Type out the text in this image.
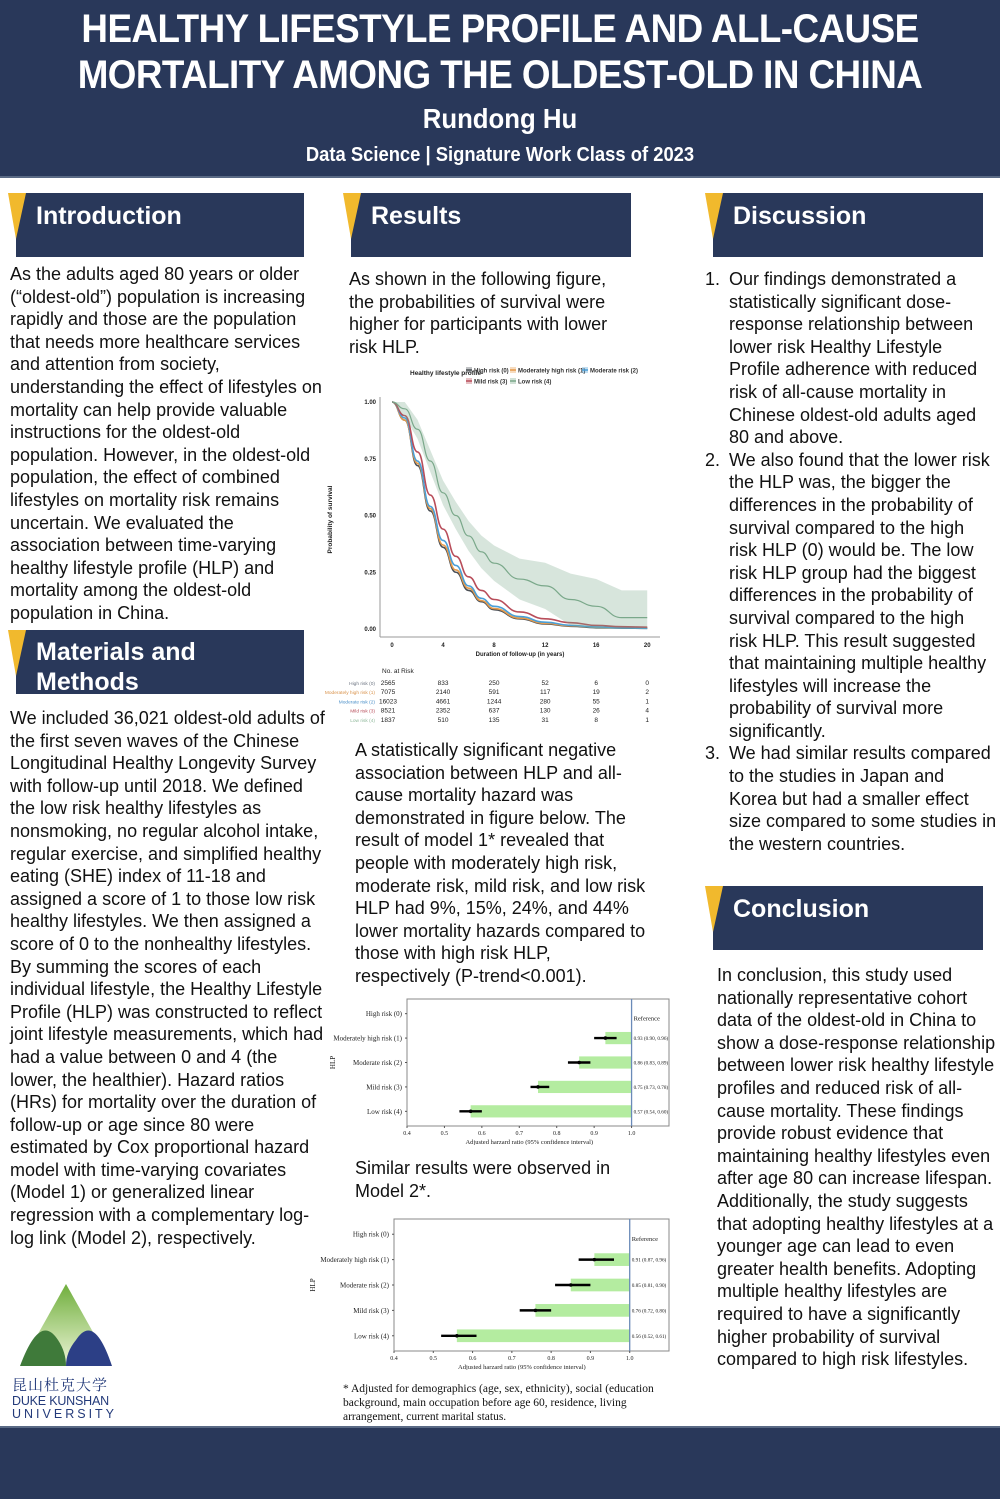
HEALTHY LIFESTYLE PROFILE AND ALL-CAUSE
MORTALITY AMONG THE OLDEST-OLD IN CHINA
Rundong Hu
Data Science | Signature Work Class of 2023
Introduction
As the adults aged 80 years or older (“oldest-old”) population is increasing rapidly and those are the population that needs more healthcare services and attention from society, understanding the effect of lifestyles on mortality can help provide valuable instructions for the oldest-old population. However, in the oldest-old population, the effect of combined lifestyles on mortality risk remains uncertain. We evaluated the association between time-varying healthy lifestyle profile (HLP) and mortality among the oldest-old population in China.
Materials and
Methods
We included 36,021 oldest-old adults of the first seven waves of the Chinese Longitudinal Healthy Longevity Survey with follow-up until 2018. We defined the low risk healthy lifestyles as nonsmoking, no regular alcohol intake, regular exercise, and simplified healthy eating (SHE) index of 11-18 and assigned a score of 1 to those low risk healthy lifestyles. We then assigned a score of 0 to the nonhealthy lifestyles. By summing the scores of each individual lifestyle, the Healthy Lifestyle Profile (HLP) was constructed to reflect joint lifestyle measurements, which had had a value between 0 and 4 (the lower, the healthier). Hazard ratios (HRs) for mortality over the duration of follow-up or age since 80 were estimated by Cox proportional hazard model with time-varying covariates (Model 1) or generalized linear regression with a complementary log-log link (Model 2), respectively.
昆山杜克大学
DUKE KUNSHAN
UNIVERSITY
Results
As shown in the following figure, the probabilities of survival were higher for participants with lower risk HLP.
Healthy lifestyle profile
High risk (0) Moderately high risk (1) Moderate risk (2)
Mild risk (3) Low risk (4)
0.00
0.25
0.50
0.75
1.00
0	4	8	12	16	20
Duration of follow-up (in years)
Probability of survival
No. at Risk
High risk (0) 2565	833	250	52	6	0
Moderately high risk (1) 7075	2140	591	117	19	2
Moderate risk (2) 16023	4661	1244	280	55	1
Mild risk (3) 8521	2352	637	130	26	4
Low risk (4) 1837	510	135	31	8	1
A statistically significant negative association between HLP and all-cause mortality hazard was demonstrated in figure below. The result of model 1* revealed that people with moderately high risk, moderate risk, mild risk, and low risk HLP had 9%, 15%, 24%, and 44% lower mortality hazards compared to those with high risk HLP, respectively (P-trend<0.001).
High risk (0)
Reference
Moderately high risk (1)	0.93 (0.90, 0.96)
Moderate risk (2)	0.86 (0.83, 0.89)
Mild risk (3)	0.75 (0.73, 0.78)
Low risk (4)	0.57 (0.54, 0.60)
0.4	0.5	0.6	0.7	0.8	0.9	1.0
Adjusted harzard ratio (95% confidence interval)
HLP
Similar results were observed in Model 2*.
High risk (0)
Reference
Moderately high risk (1)	0.91 (0.87, 0.96)
Moderate risk (2)	0.85 (0.81, 0.90)
Mild risk (3)	0.76 (0.72, 0.80)
Low risk (4)	0.56 (0.52, 0.61)
0.4	0.5	0.6	0.7	0.8	0.9	1.0
Adjusted harzard ratio (95% confidence interval)
HLP
* Adjusted for demographics (age, sex, ethnicity), social (education background, main occupation before age 60, residence, living arrangement, current marital status.
Discussion
1. Our findings demonstrated a statistically significant dose-response relationship between lower risk Healthy Lifestyle Profile adherence with reduced risk of all-cause mortality in Chinese oldest-old adults aged 80 and above.
2. We also found that the lower risk the HLP was, the bigger the differences in the probability of survival compared to the high risk HLP (0) would be. The low risk HLP group had the biggest differences in the probability of survival compared to the high risk HLP. This result suggested that maintaining multiple healthy lifestyles will increase the probability of survival more significantly.
3. We had similar results compared to the studies in Japan and Korea but had a smaller effect size compared to some studies in the western countries.
Conclusion
In conclusion, this study used nationally representative cohort data of the oldest-old in China to show a dose-response relationship between lower risk healthy lifestyle profiles and reduced risk of all-cause mortality. These findings provide robust evidence that maintaining healthy lifestyles even after age 80 can increase lifespan. Additionally, the study suggests that adopting healthy lifestyles at a younger age can lead to even greater health benefits. Adopting multiple healthy lifestyles are required to have a significantly higher probability of survival compared to high risk lifestyles.
